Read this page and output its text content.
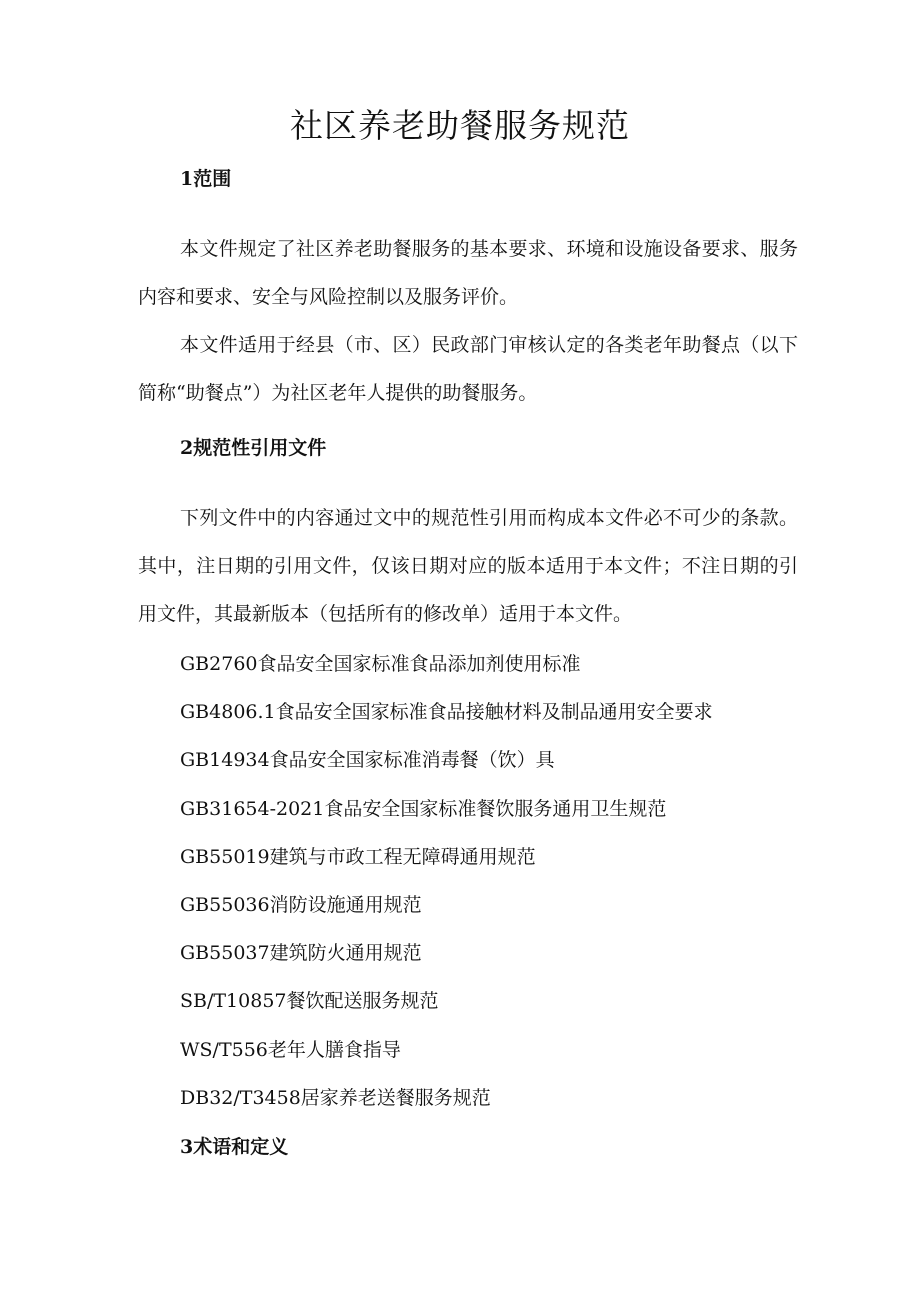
社区养老助餐服务规范
1范围

本文件规定了社区养老助餐服务的基本要求、环境和设施设备要求、服务内容和要求、安全与风险控制以及服务评价。

本文件适用于经县（市、区）民政部门审核认定的各类老年助餐点（以下简称“助餐点”）为社区老年人提供的助餐服务。

2规范性引用文件

下列文件中的内容通过文中的规范性引用而构成本文件必不可少的条款。其中，注日期的引用文件，仅该日期对应的版本适用于本文件；不注日期的引用文件，其最新版本（包括所有的修改单）适用于本文件。

GB2760食品安全国家标准食品添加剂使用标准
GB4806.1食品安全国家标准食品接触材料及制品通用安全要求
GB14934食品安全国家标准消毒餐（饮）具
GB31654-2021食品安全国家标准餐饮服务通用卫生规范
GB55019建筑与市政工程无障碍通用规范
GB55036消防设施通用规范
GB55037建筑防火通用规范
SB/T10857餐饮配送服务规范
WS/T556老年人膳食指导
DB32/T3458居家养老送餐服务规范
3术语和定义
